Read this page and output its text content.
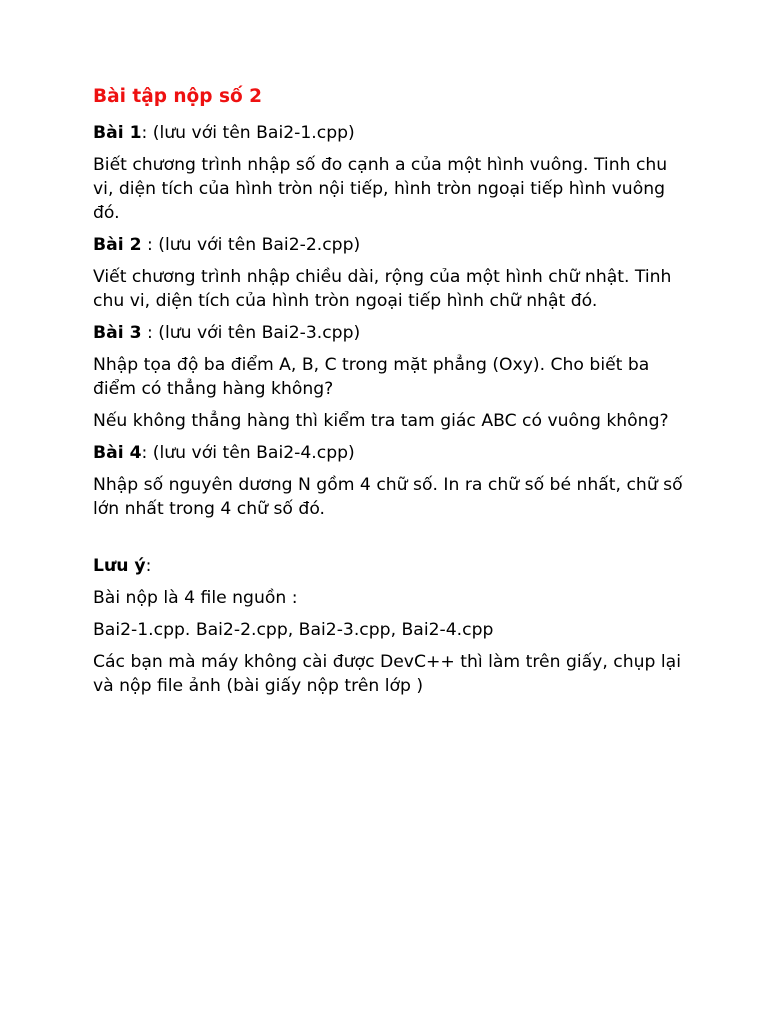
Bài tập nộp số 2
Bài 1: (lưu với tên Bai2-1.cpp)
Biết chương trình nhập số đo cạnh a của một hình vuông. Tinh chu vi, diện tích của hình tròn nội tiếp, hình tròn ngoại tiếp hình vuông đó.
Bài 2 : (lưu với tên Bai2-2.cpp)
Viết chương trình nhập chiều dài, rộng của một hình chữ nhật. Tinh chu vi, diện tích của hình tròn ngoại tiếp hình chữ nhật đó.
Bài 3 : (lưu với tên Bai2-3.cpp)
Nhập tọa độ ba điểm A, B, C trong mặt phẳng (Oxy). Cho biết ba điểm có thẳng hàng không?
Nếu không thẳng hàng thì kiểm tra tam giác ABC có vuông không?
Bài 4: (lưu với tên Bai2-4.cpp)
Nhập số nguyên dương N gồm 4 chữ số. In ra chữ số bé nhất, chữ số lớn nhất trong 4 chữ số đó.
Lưu ý:
Bài nộp là 4 file nguồn :
Bai2-1.cpp. Bai2-2.cpp, Bai2-3.cpp, Bai2-4.cpp
Các bạn mà máy không cài được DevC++ thì làm trên giấy, chụp lại và nộp file ảnh (bài giấy nộp trên lớp )
